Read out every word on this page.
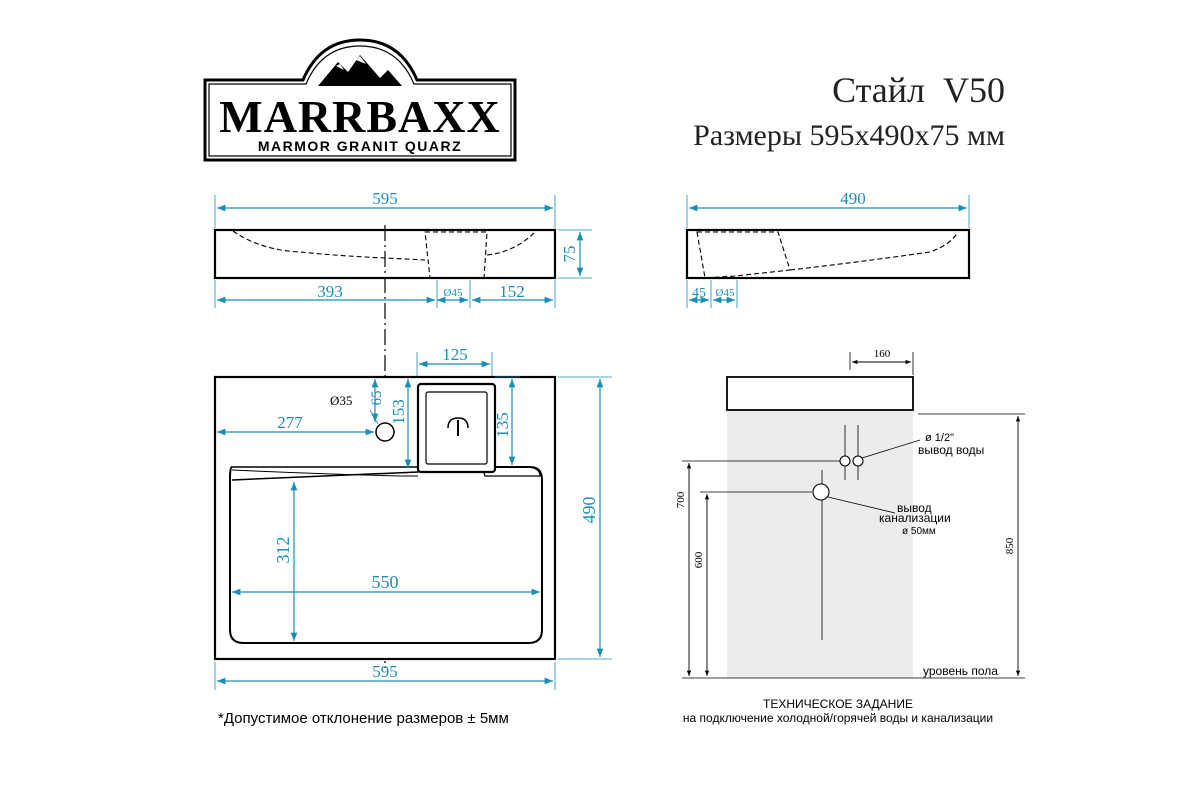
MARRBAXX
MARMOR GRANIT QUARZ
Стайл  V50
Размеры 595х490х75 мм
595
75
393	Ø45 152
490
45 Ø45
125
Ø35 65
153
277	135
490
312
550
595
160
ø 1/2"
вывод воды
вывод
канализации
ø 50мм
700
600
850
уровень пола
*Допустимое отклонение размеров ± 5мм
ТЕХНИЧЕСКОЕ ЗАДАНИЕ
на подключение холодной/горячей воды и канализации
